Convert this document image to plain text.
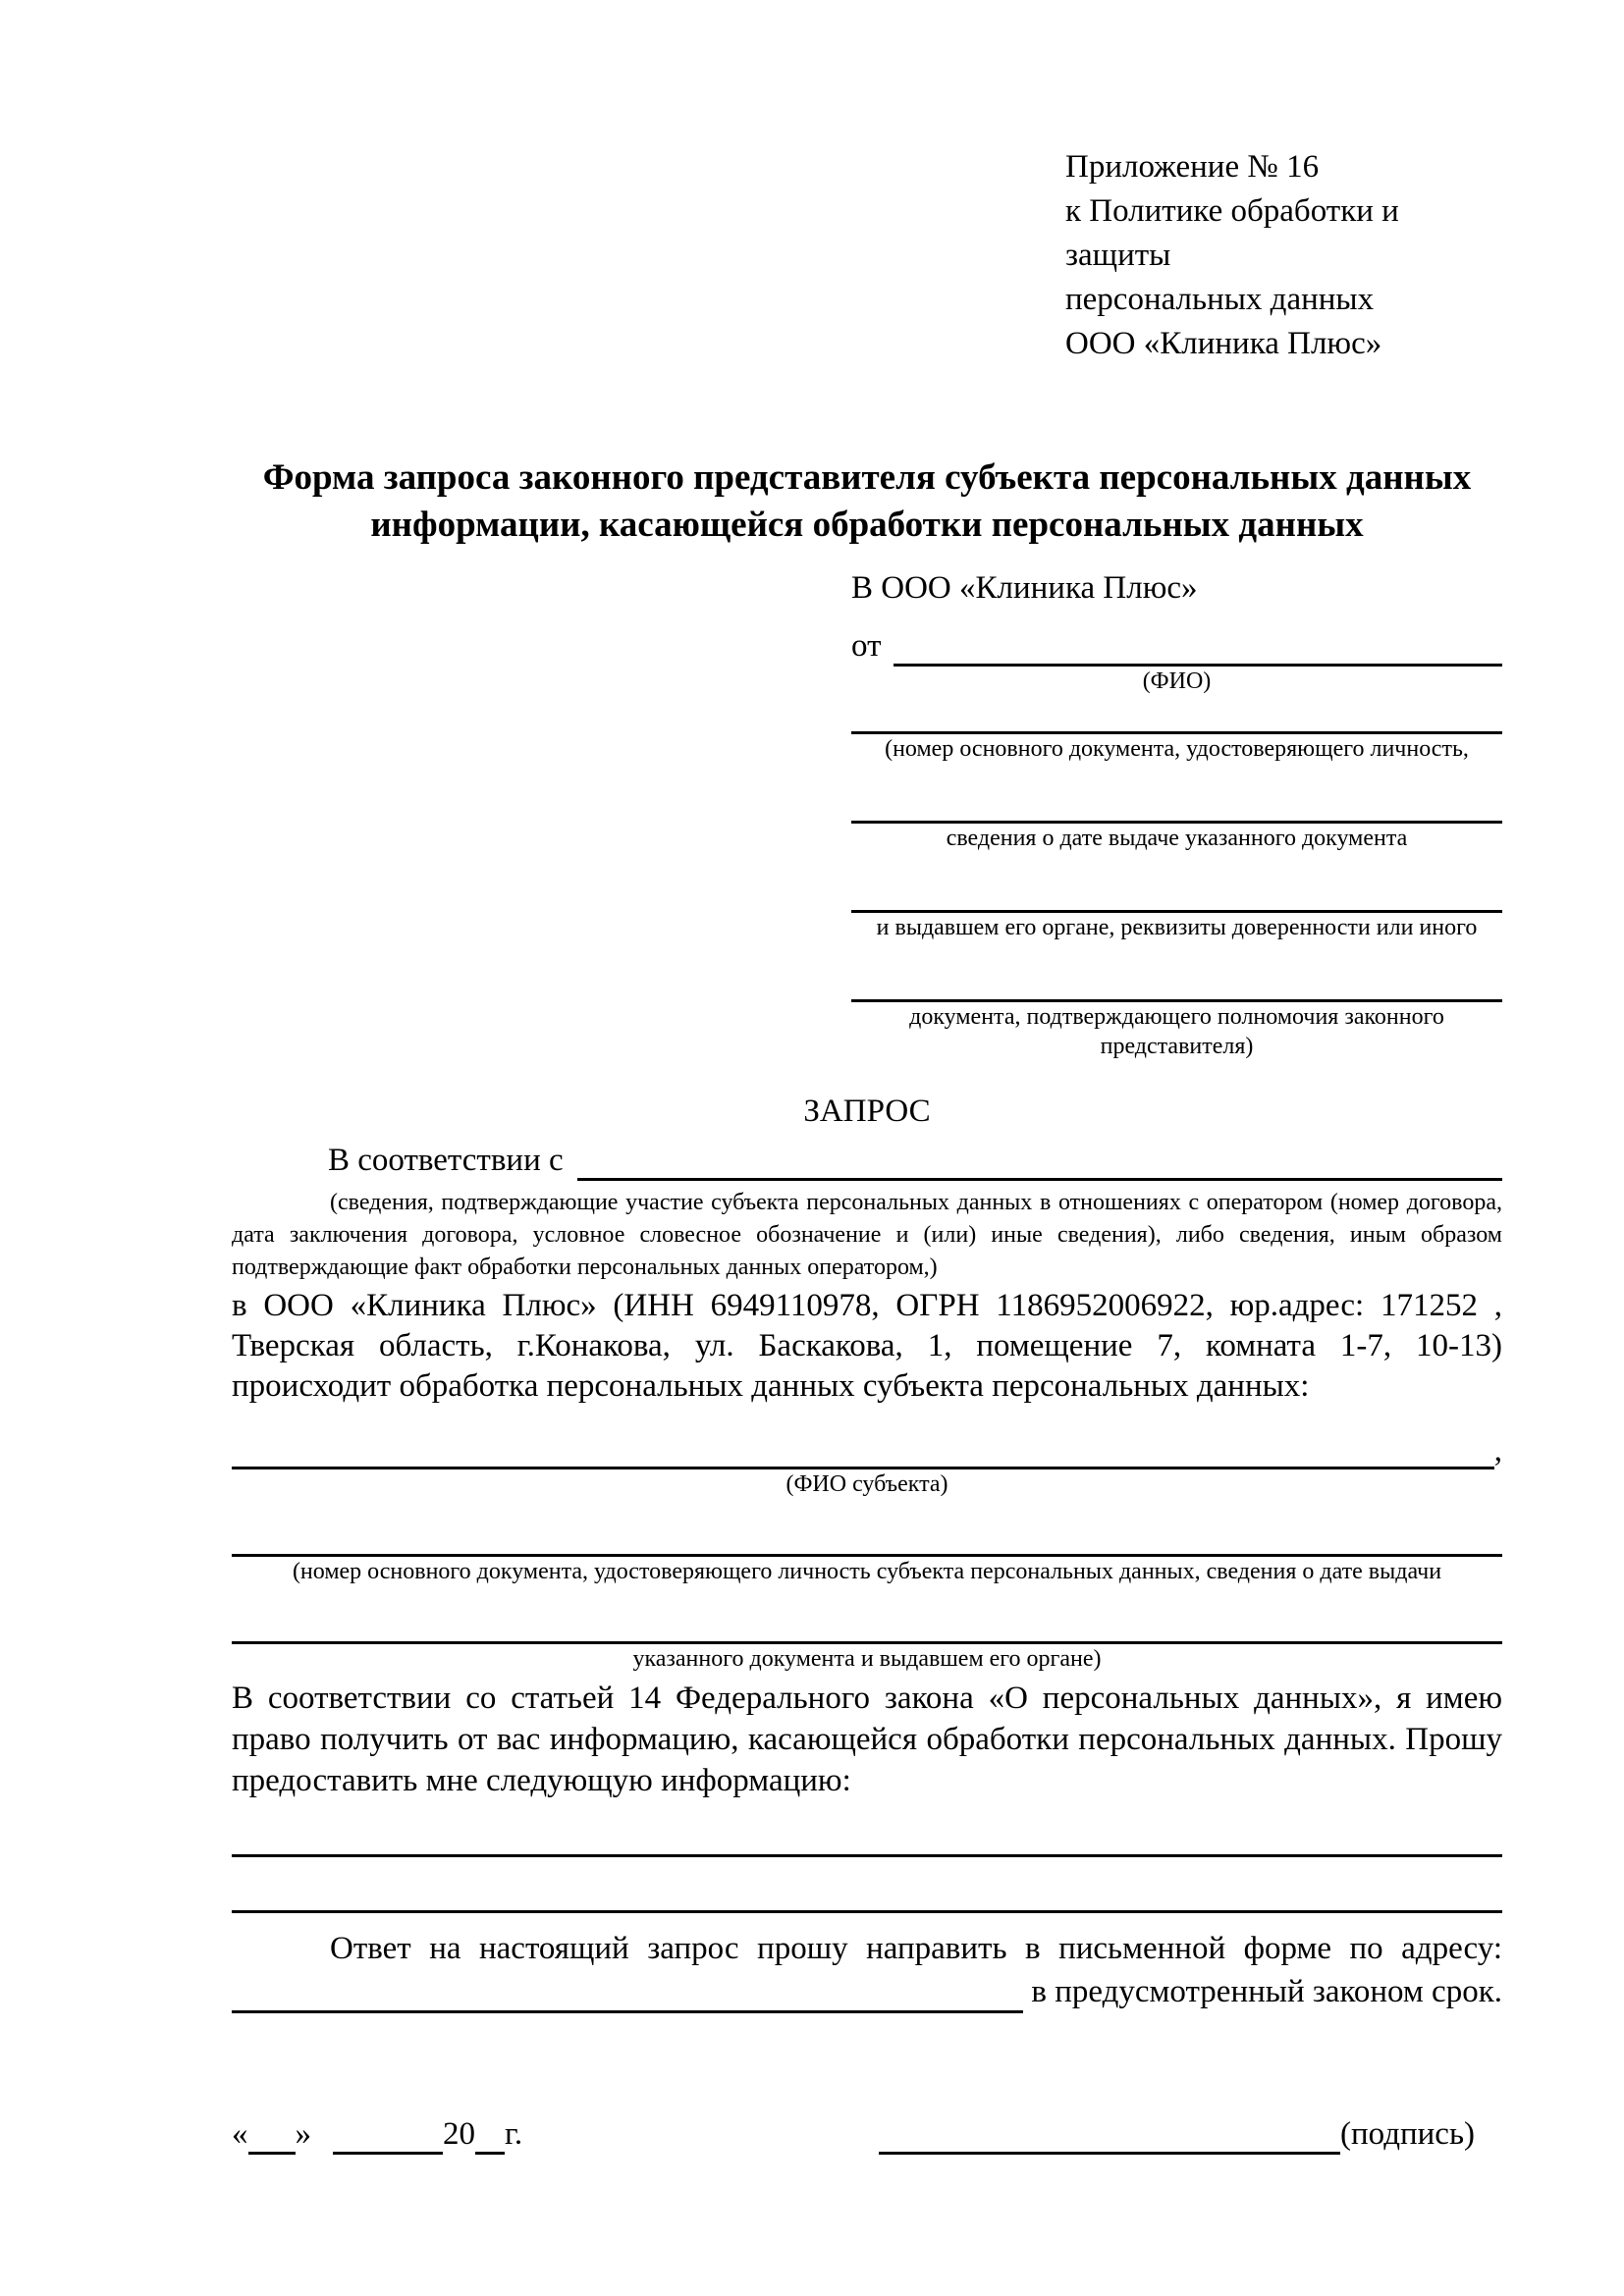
Приложение № 16
к Политике обработки и защиты
персональных данных
ООО «Клиника Плюс»
Форма запроса законного представителя субъекта персональных данных информации, касающейся обработки персональных данных
В ООО «Клиника Плюс»
от
(ФИО)
(номер основного документа, удостоверяющего личность,
сведения о дате выдаче указанного документа
и выдавшем его органе, реквизиты доверенности или иного
документа, подтверждающего полномочия законного представителя)
ЗАПРОС
В соответствии с
(сведения, подтверждающие участие субъекта персональных данных в отношениях с оператором (номер договора, дата заключения договора, условное словесное обозначение и (или) иные сведения), либо сведения, иным образом подтверждающие факт обработки персональных данных оператором,)
в ООО «Клиника Плюс» (ИНН 6949110978, ОГРН 1186952006922, юр.адрес: 171252 , Тверская область, г.Конакова, ул. Баскакова, 1, помещение 7, комната 1-7, 10-13) происходит обработка персональных данных субъекта персональных данных:
,
(ФИО субъекта)
(номер основного документа, удостоверяющего личность субъекта персональных данных, сведения о дате выдачи
указанного документа и выдавшем его органе)
В соответствии со статьей 14 Федерального закона «О персональных данных», я имею право получить от вас информацию, касающейся обработки персональных данных. Прошу предоставить мне следующую информацию:
Ответ на настоящий запрос прошу направить в письменной форме по адресу:
в предусмотренный законом срок.
« »	20 г.	(подпись)
